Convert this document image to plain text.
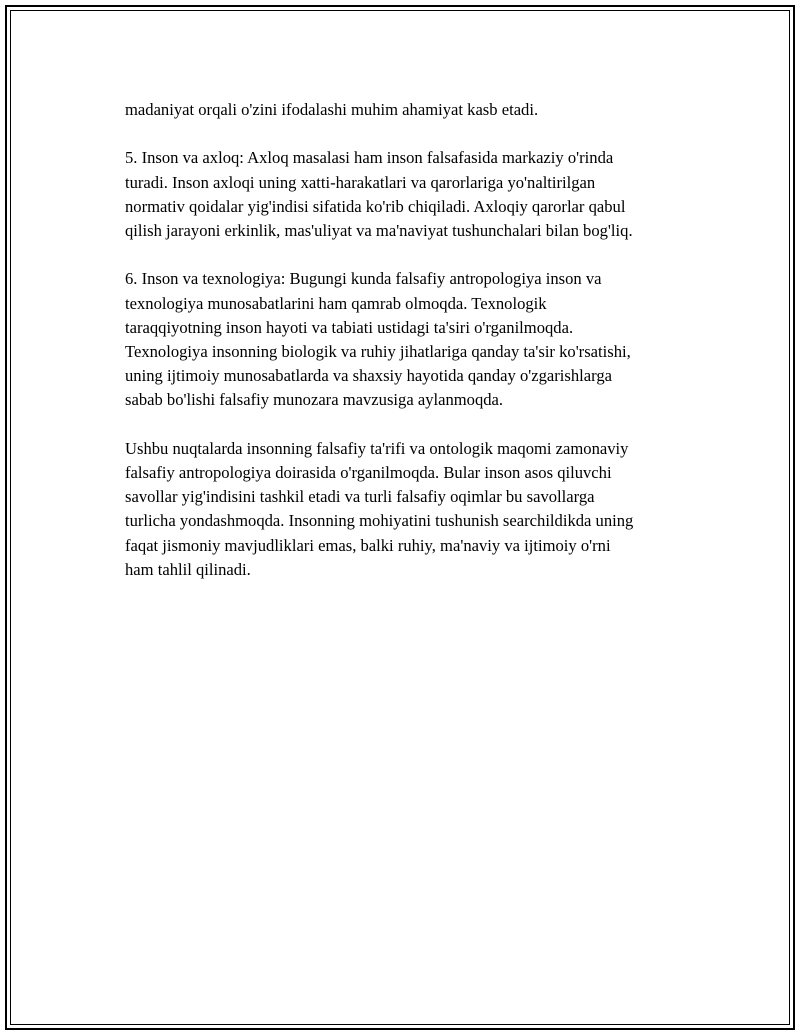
madaniyat orqali o'zini ifodalashi muhim ahamiyat kasb etadi.

5. Inson va axloq: Axloq masalasi ham inson falsafasida markaziy o'rinda
turadi. Inson axloqi uning xatti-harakatlari va qarorlariga yo'naltirilgan
normativ qoidalar yig'indisi sifatida ko'rib chiqiladi. Axloqiy qarorlar qabul
qilish jarayoni erkinlik, mas'uliyat va ma'naviyat tushunchalari bilan bog'liq.

6. Inson va texnologiya: Bugungi kunda falsafiy antropologiya inson va
texnologiya munosabatlarini ham qamrab olmoqda. Texnologik
taraqqiyotning inson hayoti va tabiati ustidagi ta'siri o'rganilmoqda.
Texnologiya insonning biologik va ruhiy jihatlariga qanday ta'sir ko'rsatishi,
uning ijtimoiy munosabatlarda va shaxsiy hayotida qanday o'zgarishlarga
sabab bo'lishi falsafiy munozara mavzusiga aylanmoqda.

Ushbu nuqtalarda insonning falsafiy ta'rifi va ontologik maqomi zamonaviy
falsafiy antropologiya doirasida o'rganilmoqda. Bular inson asos qiluvchi
savollar yig'indisini tashkil etadi va turli falsafiy oqimlar bu savollarga
turlicha yondashmoqda. Insonning mohiyatini tushunish searchildikda uning
faqat jismoniy mavjudliklari emas, balki ruhiy, ma'naviy va ijtimoiy o'rni
ham tahlil qilinadi.
